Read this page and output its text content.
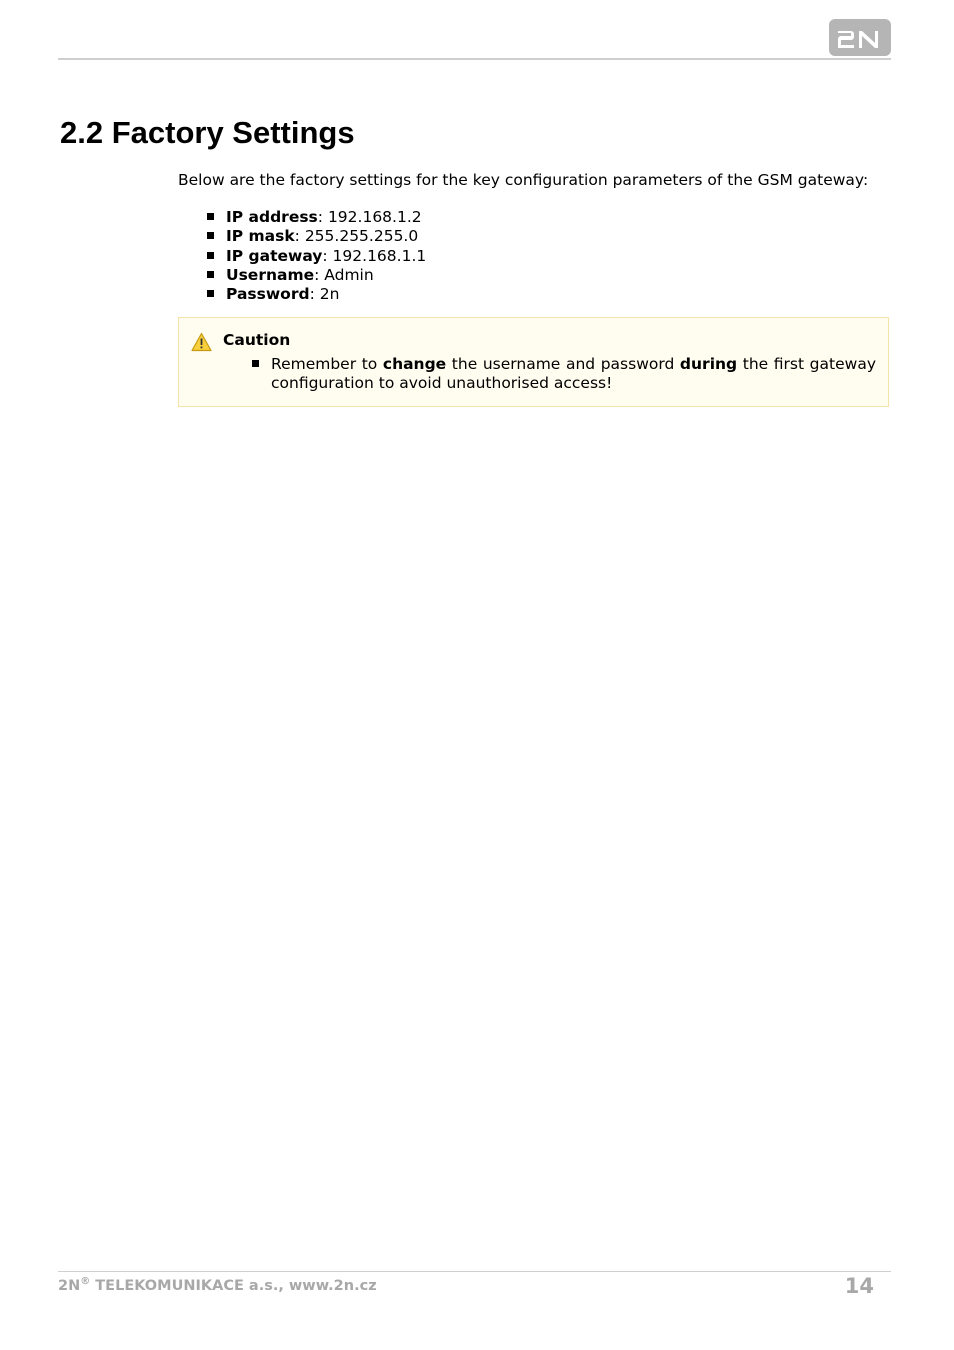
2.2 Factory Settings

Below are the factory settings for the key configuration parameters of the GSM gateway:

IP address: 192.168.1.2
IP mask: 255.255.255.0
IP gateway: 192.168.1.1
Username: Admin
Password: 2n
Caution
Remember to change the username and password during the first gateway configuration to avoid unauthorised access!
2N® TELEKOMUNIKACE a.s., www.2n.cz	14
